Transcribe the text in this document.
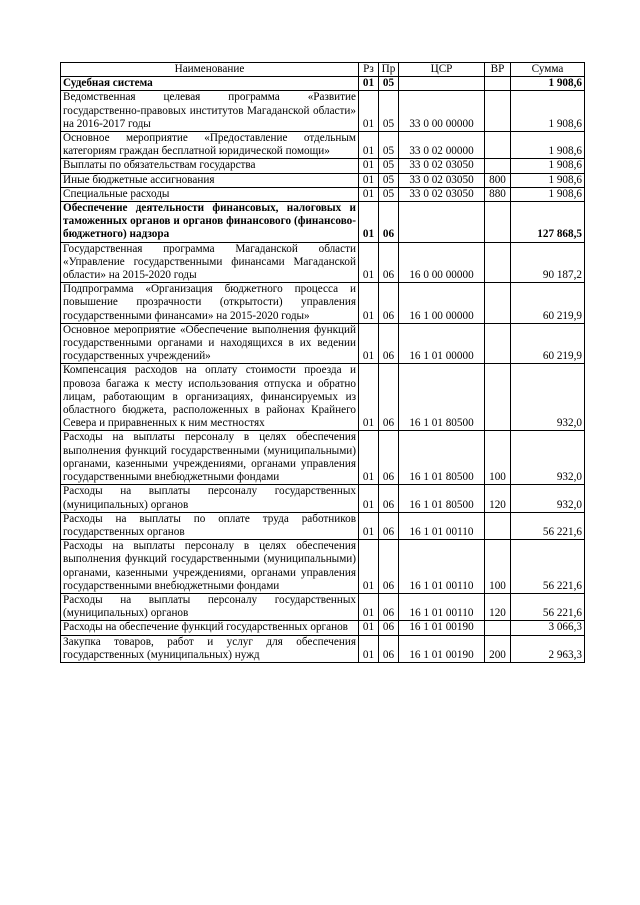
Наименование	Рз	Пр	ЦСР	ВР	Сумма
Судебная система	01	05			1 908,6
Ведомственная целевая программа «Развитие государственно-правовых институтов Магаданской области» на 2016-2017 годы	01	05	33 0 00 00000		1 908,6
Основное мероприятие «Предоставление отдельным категориям граждан бесплатной юридической помощи»	01	05	33 0 02 00000		1 908,6
Выплаты по обязательствам государства	01	05	33 0 02 03050		1 908,6
Иные бюджетные ассигнования	01	05	33 0 02 03050	800	1 908,6
Специальные расходы	01	05	33 0 02 03050	880	1 908,6
Обеспечение деятельности финансовых, налоговых и таможенных органов и органов финансового (финансово-бюджетного) надзора	01	06			127 868,5
Государственная программа Магаданской области «Управление государственными финансами Магаданской области» на 2015-2020 годы	01	06	16 0 00 00000		90 187,2
Подпрограмма «Организация бюджетного процесса и повышение прозрачности (открытости) управления государственными финансами» на 2015-2020 годы»	01	06	16 1 00 00000		60 219,9
Основное мероприятие «Обеспечение выполнения функций государственными органами и находящихся в их ведении государственных учреждений»	01	06	16 1 01 00000		60 219,9
Компенсация расходов на оплату стоимости проезда и провоза багажа к месту использования отпуска и обратно лицам, работающим в организациях, финансируемых из областного бюджета, расположенных в районах Крайнего Севера и приравненных к ним местностях	01	06	16 1 01 80500		932,0
Расходы на выплаты персоналу в целях обеспечения выполнения функций государственными (муниципальными) органами, казенными учреждениями, органами управления государственными внебюджетными фондами	01	06	16 1 01 80500	100	932,0
Расходы на выплаты персоналу государственных (муниципальных) органов	01	06	16 1 01 80500	120	932,0
Расходы на выплаты по оплате труда работников государственных органов	01	06	16 1 01 00110		56 221,6
Расходы на выплаты персоналу в целях обеспечения выполнения функций государственными (муниципальными) органами, казенными учреждениями, органами управления государственными внебюджетными фондами	01	06	16 1 01 00110	100	56 221,6
Расходы на выплаты персоналу государственных (муниципальных) органов	01	06	16 1 01 00110	120	56 221,6
Расходы на обеспечение функций государственных органов	01	06	16 1 01 00190		3 066,3
Закупка товаров, работ и услуг для обеспечения государственных (муниципальных) нужд	01	06	16 1 01 00190	200	2 963,3
